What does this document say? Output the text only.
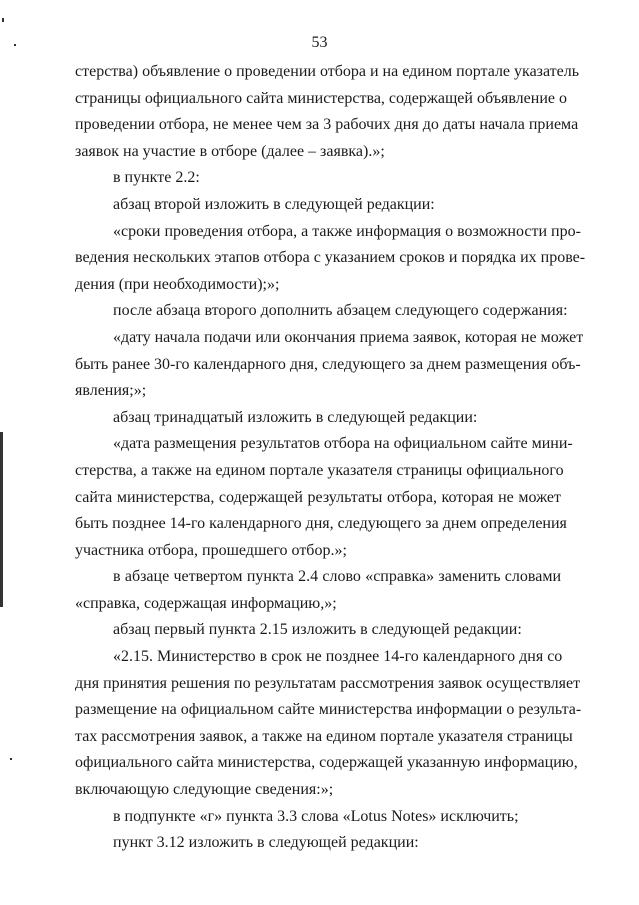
53
стерства) объявление о проведении отбора и на едином портале указатель
страницы официального сайта министерства, содержащей объявление о
проведении отбора, не менее чем за 3 рабочих дня до даты начала приема
заявок на участие в отборе (далее – заявка).»;
в пункте 2.2:
абзац второй изложить в следующей редакции:
«сроки проведения отбора, а также информация о возможности про-
ведения нескольких этапов отбора с указанием сроков и порядка их прове-
дения (при необходимости);»;
после абзаца второго дополнить абзацем следующего содержания:
«дату начала подачи или окончания приема заявок, которая не может
быть ранее 30-го календарного дня, следующего за днем размещения объ-
явления;»;
абзац тринадцатый изложить в следующей редакции:
«дата размещения результатов отбора на официальном сайте мини-
стерства, а также на едином портале указателя страницы официального
сайта министерства, содержащей результаты отбора, которая не может
быть позднее 14-го календарного дня, следующего за днем определения
участника отбора, прошедшего отбор.»;
в абзаце четвертом пункта 2.4 слово «справка» заменить словами
«справка, содержащая информацию,»;
абзац первый пункта 2.15 изложить в следующей редакции:
«2.15. Министерство в срок не позднее 14-го календарного дня со
дня принятия решения по результатам рассмотрения заявок осуществляет
размещение на официальном сайте министерства информации о результа-
тах рассмотрения заявок, а также на едином портале указателя страницы
официального сайта министерства, содержащей указанную информацию,
включающую следующие сведения:»;
в подпункте «г» пункта 3.3 слова «Lotus Notes» исключить;
пункт 3.12 изложить в следующей редакции:
